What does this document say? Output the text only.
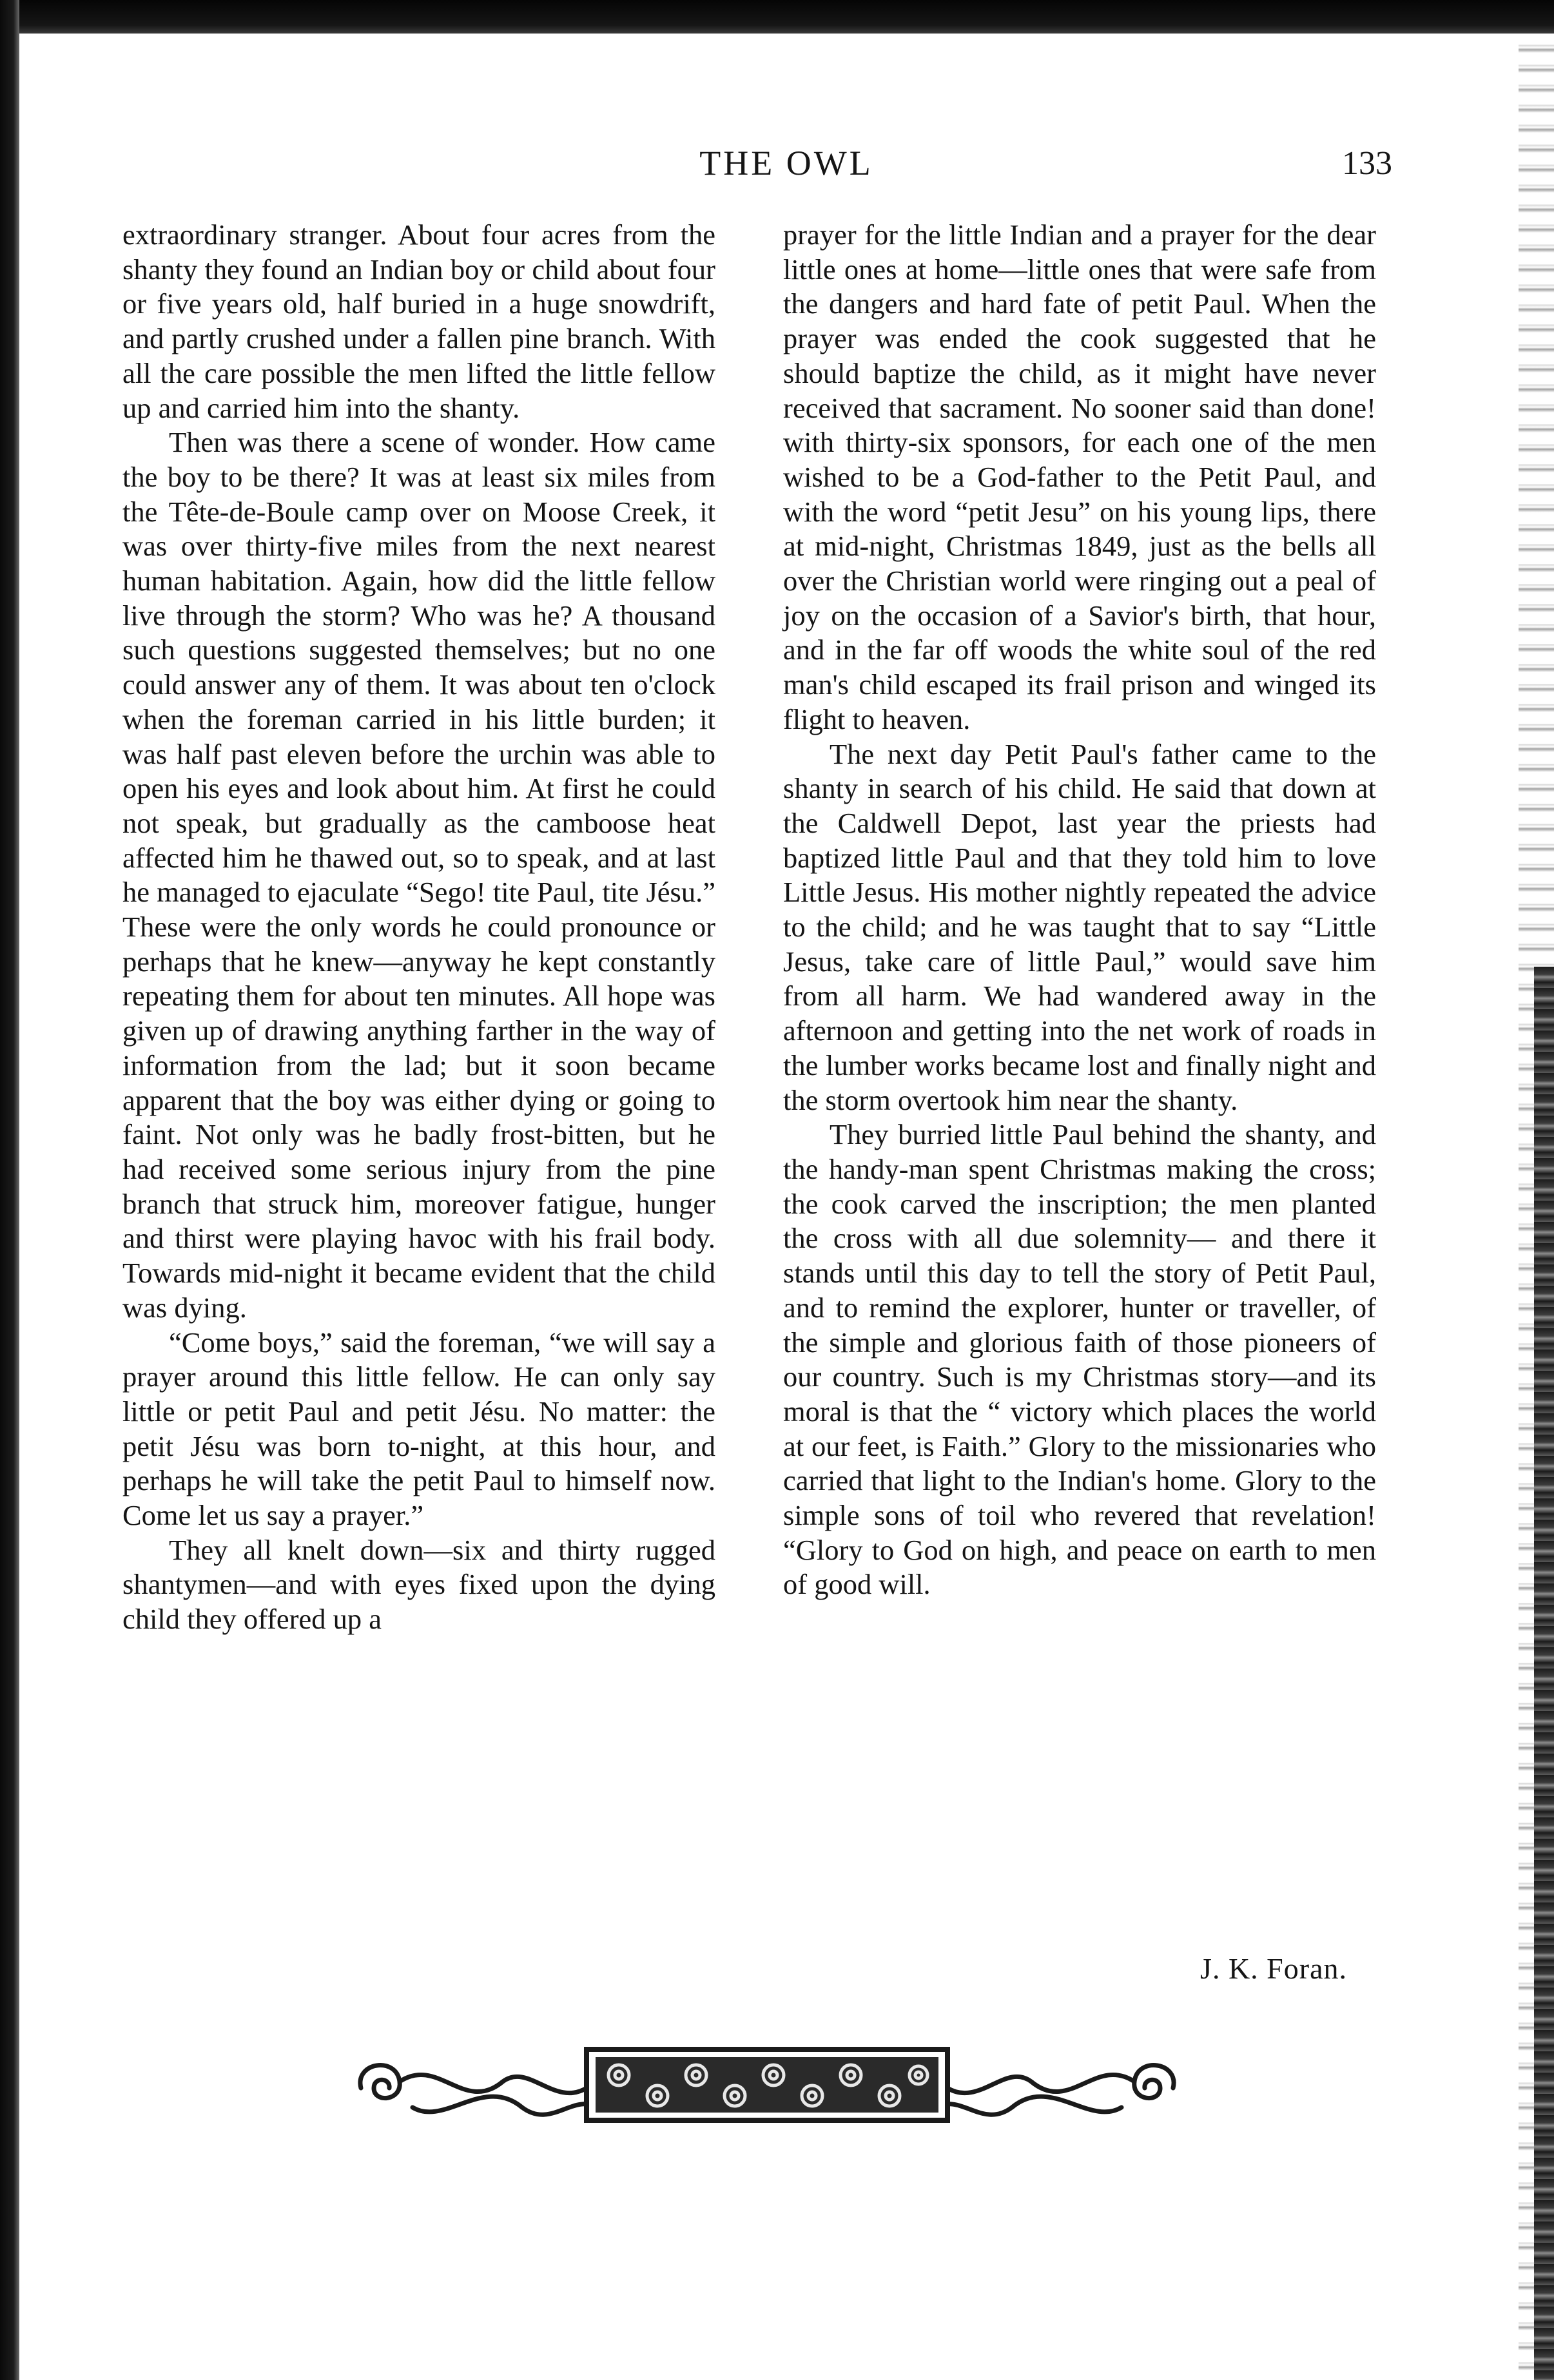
THE OWL	133

extraordinary stranger. About four acres from the shanty they found an Indian boy or child about four or five years old, half buried in a huge snowdrift, and partly crushed under a fallen pine branch. With all the care possible the men lifted the little fellow up and carried him into the shanty.

Then was there a scene of wonder. How came the boy to be there? It was at least six miles from the Tête-de-Boule camp over on Moose Creek, it was over thirty-five miles from the next nearest human habitation. Again, how did the little fellow live through the storm? Who was he? A thousand such questions suggested themselves; but no one could answer any of them. It was about ten o'clock when the foreman carried in his little burden; it was half past eleven before the urchin was able to open his eyes and look about him. At first he could not speak, but gradually as the camboose heat affected him he thawed out, so to speak, and at last he managed to ejaculate “Sego! tite Paul, tite Jésu.” These were the only words he could pronounce or perhaps that he knew—anyway he kept constantly repeating them for about ten minutes. All hope was given up of drawing anything farther in the way of information from the lad; but it soon became apparent that the boy was either dying or going to faint. Not only was he badly frost-bitten, but he had received some serious injury from the pine branch that struck him, moreover fatigue, hunger and thirst were playing havoc with his frail body. Towards mid-night it became evident that the child was dying.

“Come boys,” said the foreman, “we will say a prayer around this little fellow. He can only say little or petit Paul and petit Jésu. No matter: the petit Jésu was born to-night, at this hour, and perhaps he will take the petit Paul to himself now. Come let us say a prayer.”

They all knelt down—six and thirty rugged shantymen—and with eyes fixed upon the dying child they offered up a

prayer for the little Indian and a prayer for the dear little ones at home—little ones that were safe from the dangers and hard fate of petit Paul. When the prayer was ended the cook suggested that he should baptize the child, as it might have never received that sacrament. No sooner said than done! with thirty-six sponsors, for each one of the men wished to be a God-father to the Petit Paul, and with the word “petit Jesu” on his young lips, there at mid-night, Christmas 1849, just as the bells all over the Christian world were ringing out a peal of joy on the occasion of a Savior's birth, that hour, and in the far off woods the white soul of the red man's child escaped its frail prison and winged its flight to heaven.

The next day Petit Paul's father came to the shanty in search of his child. He said that down at the Caldwell Depot, last year the priests had baptized little Paul and that they told him to love Little Jesus. His mother nightly repeated the advice to the child; and he was taught that to say “Little Jesus, take care of little Paul,” would save him from all harm. We had wandered away in the afternoon and getting into the net work of roads in the lumber works became lost and finally night and the storm overtook him near the shanty.

They burried little Paul behind the shanty, and the handy-man spent Christmas making the cross; the cook carved the inscription; the men planted the cross with all due solemnity— and there it stands until this day to tell the story of Petit Paul, and to remind the explorer, hunter or traveller, of the simple and glorious faith of those pioneers of our country. Such is my Christmas story—and its moral is that the “ victory which places the world at our feet, is Faith.” Glory to the missionaries who carried that light to the Indian's home. Glory to the simple sons of toil who revered that revelation! “Glory to God on high, and peace on earth to men of good will.

J. K. Foran.
